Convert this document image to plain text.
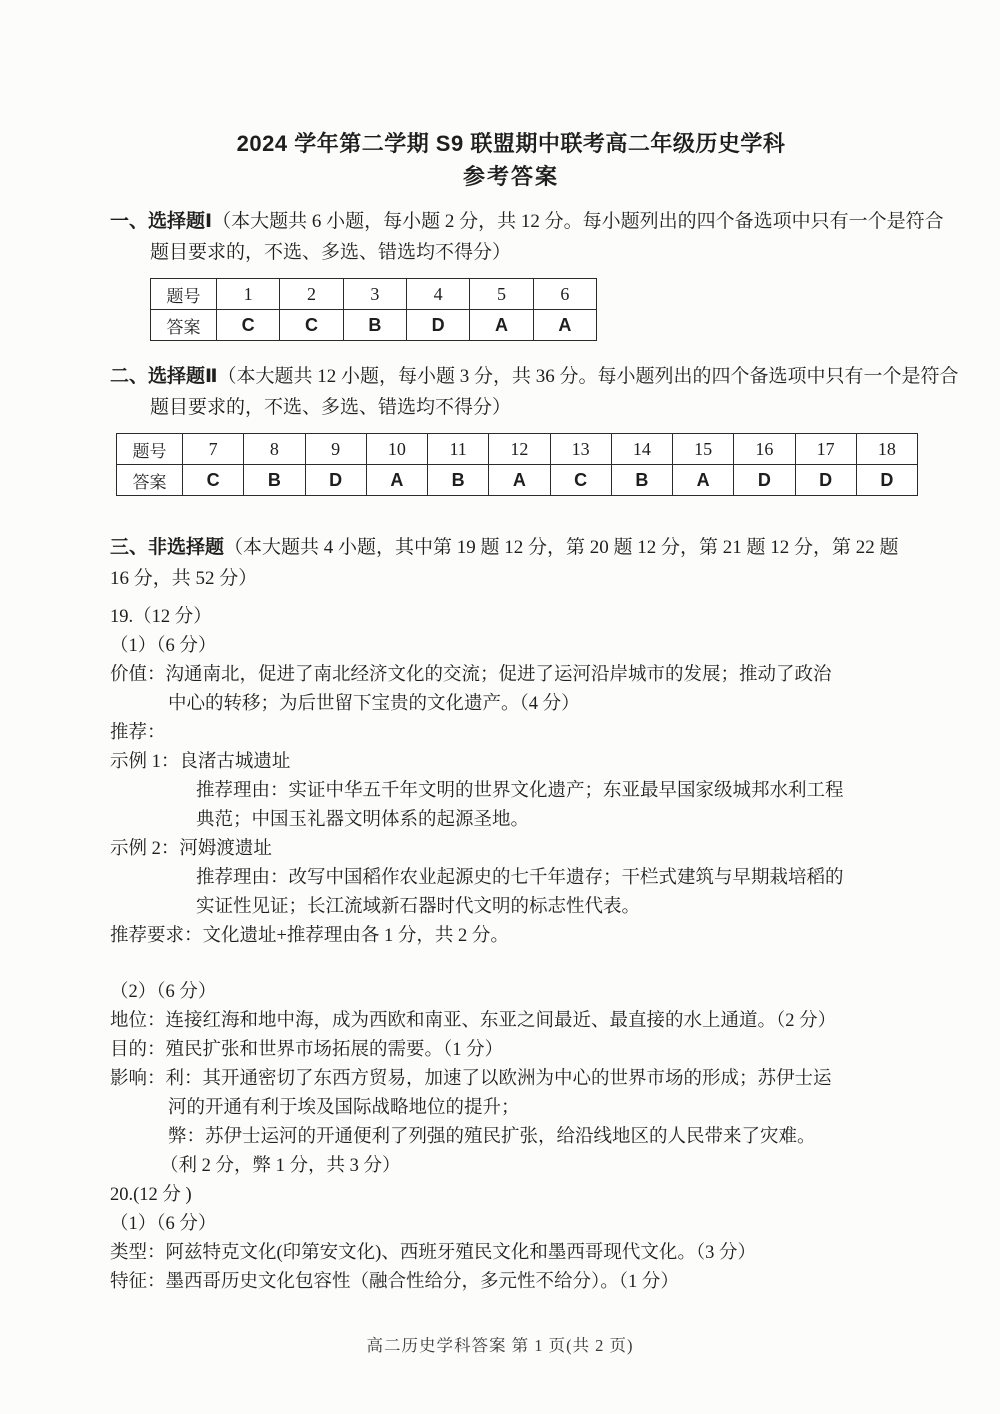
2024 学年第二学期 S9 联盟期中联考高二年级历史学科
参考答案
一、选择题Ⅰ（本大题共 6 小题，每小题 2 分，共 12 分。每小题列出的四个备选项中只有一个是符合题目要求的，不选、多选、错选均不得分）
题号	1	2	3	4	5	6
答案	C	C	B	D	A	A
二、选择题Ⅱ（本大题共 12 小题，每小题 3 分，共 36 分。每小题列出的四个备选项中只有一个是符合题目要求的，不选、多选、错选均不得分）
题号	7	8	9	10	11	12	13	14	15	16	17	18
答案	C	B	D	A	B	A	C	B	A	D	D	D
三、非选择题（本大题共 4 小题，其中第 19 题 12 分，第 20 题 12 分，第 21 题 12 分，第 22 题 16 分，共 52 分）
19.（12 分）
（1）（6 分）
价值：沟通南北，促进了南北经济文化的交流；促进了运河沿岸城市的发展；推动了政治
中心的转移；为后世留下宝贵的文化遗产。（4 分）
推荐：
示例 1：良渚古城遗址
推荐理由：实证中华五千年文明的世界文化遗产；东亚最早国家级城邦水利工程
典范；中国玉礼器文明体系的起源圣地。
示例 2：河姆渡遗址
推荐理由：改写中国稻作农业起源史的七千年遗存；干栏式建筑与早期栽培稻的
实证性见证；长江流域新石器时代文明的标志性代表。
推荐要求：文化遗址+推荐理由各 1 分，共 2 分。
（2）（6 分）
地位：连接红海和地中海，成为西欧和南亚、东亚之间最近、最直接的水上通道。（2 分）
目的：殖民扩张和世界市场拓展的需要。（1 分）
影响：利：其开通密切了东西方贸易，加速了以欧洲为中心的世界市场的形成；苏伊士运
河的开通有利于埃及国际战略地位的提升；
弊：苏伊士运河的开通便利了列强的殖民扩张，给沿线地区的人民带来了灾难。
（利 2 分，弊 1 分，共 3 分）
20.(12 分 )
（1）（6 分）
类型：阿兹特克文化(印第安文化)、西班牙殖民文化和墨西哥现代文化。（3 分）
特征：墨西哥历史文化包容性（融合性给分，多元性不给分）。（1 分）
高二历史学科答案 第 1 页(共 2 页)
